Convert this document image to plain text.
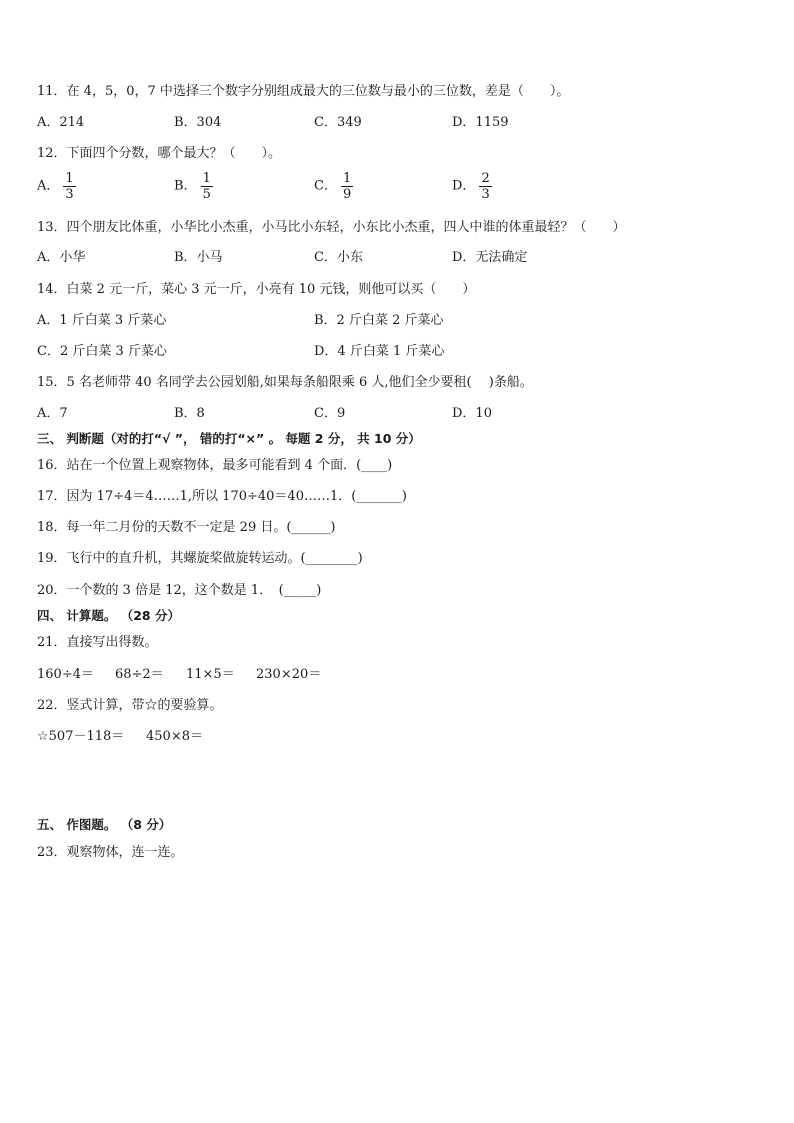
11．在 4，5，0，7 中选择三个数字分别组成最大的三位数与最小的三位数，差是（　　）。
A．214	B．304	C．349	D．1159
12．下面四个分数，哪个最大？（　　）。
A． $\frac{1}{3}$	B． $\frac{1}{5}$	C． $\frac{1}{9}$	D． $\frac{2}{3}$
13．四个朋友比体重，小华比小杰重，小马比小东轻，小东比小杰重，四人中谁的体重最轻？（　　）
A．小华	B．小马	C．小东	D．无法确定
14．白菜 2 元一斤，菜心 3 元一斤，小亮有 10 元钱，则他可以买（　　）
A．1 斤白菜 3 斤菜心	B．2 斤白菜 2 斤菜心
C．2 斤白菜 3 斤菜心	D．4 斤白菜 1 斤菜心
15．5 名老师带 40 名同学去公园划船,如果每条船限乘 6 人,他们全少要租(　 )条船。
A．7	B．8	C．9	D．10
三、 判断题（对的打“√ ”， 错的打“×” 。 每题 2 分， 共 10 分）
16．站在一个位置上观察物体，最多可能看到 4 个面．(____)
17．因为 17÷4＝4……1,所以 170÷40＝40……1．(_______)
18．每一年二月份的天数不一定是 29 日。(______)
19．飞行中的直升机，其螺旋桨做旋转运动。(________)
20．一个数的 3 倍是 12，这个数是 1．　(_____)
四、 计算题。 （28 分）
21．直接写出得数。
160÷4＝ 68÷2＝ 11×5＝ 230×20＝
22．竖式计算，带☆的要验算。
☆507－118＝ 450×8＝
五、 作图题。 （8 分）
23．观察物体，连一连。
